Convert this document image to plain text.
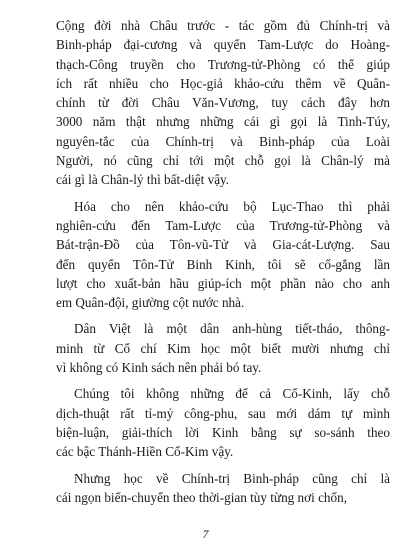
Cộng đời nhà Châu trước - tác gồm đủ Chính-trị và
Binh-pháp đại-cương và quyển Tam-Lược do Hoàng-
thạch-Công truyền cho Trương-tử-Phòng có thể giúp
ích rất nhiều cho Học-giả khảo-cứu thêm về Quân-
chính từ đời Châu Văn-Vương, tuy cách đây hơn
3000 năm thật nhưng những cái gì gọi là Tinh-Túy,
nguyên-tắc của Chính-trị và Binh-pháp của Loài
Người, nó cũng chỉ tới một chỗ gọi là Chân-lý mà
cái gì là Chân-lý thì bất-diệt vậy.
Hóa cho nên khảo-cứu bộ Lục-Thao thì phải
nghiên-cứu đến Tam-Lược của Trương-tử-Phòng và
Bát-trận-Đồ của Tôn-vũ-Tử và Gia-cát-Lượng. Sau
đến quyển Tôn-Tử Binh Kinh, tôi sẽ cố-gắng lần
lượt cho xuất-bản hầu giúp-ích một phần nào cho anh
em Quân-đội, giường cột nước nhà.
Dân Việt là một dân anh-hùng tiết-tháo, thông-
minh từ Cổ chí Kim học một biết mười nhưng chỉ
vì không có Kinh sách nên phải bó tay.
Chúng tôi không những để cả Cổ-Kinh, lấy chỗ
dịch-thuật rất tỉ-mỷ công-phu, sau mới dám tự mình
biện-luận, giải-thích lời Kinh bằng sự so-sánh theo
các bậc Thánh-Hiền Cổ-Kim vậy.
Nhưng học về Chính-trị Binh-pháp cũng chỉ là
cái ngọn biến-chuyển theo thời-gian tùy từng nơi chốn,
7
